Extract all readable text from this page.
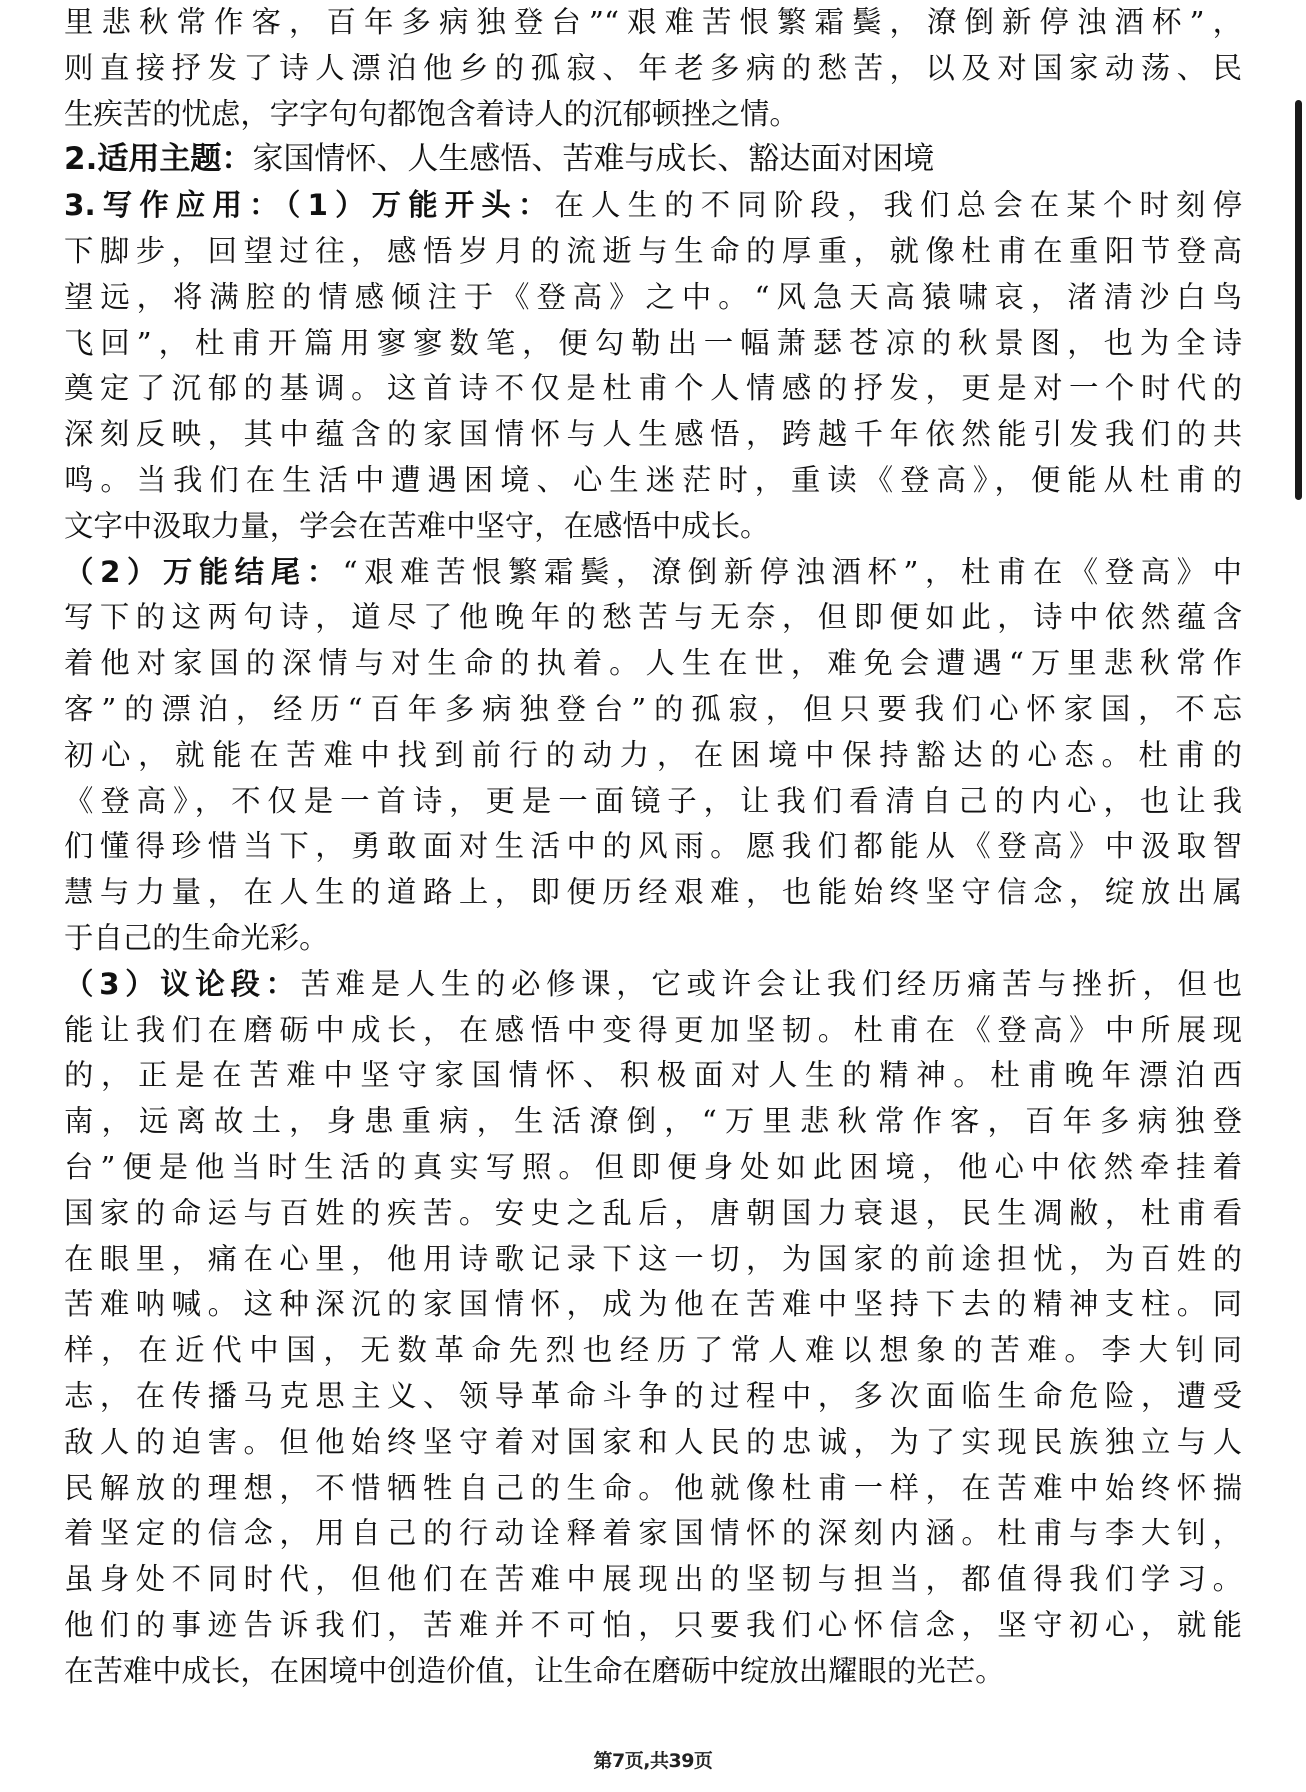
里悲秋常作客，百年多病独登台”“艰难苦恨繁霜鬓，潦倒新停浊酒杯”，
则直接抒发了诗人漂泊他乡的孤寂、年老多病的愁苦，以及对国家动荡、民
生疾苦的忧虑，字字句句都饱含着诗人的沉郁顿挫之情。
2.适用主题：家国情怀、人生感悟、苦难与成长、豁达面对困境
3.写作应用：（1）万能开头：在人生的不同阶段，我们总会在某个时刻停
下脚步，回望过往，感悟岁月的流逝与生命的厚重，就像杜甫在重阳节登高
望远，将满腔的情感倾注于《登高》之中。“风急天高猿啸哀，渚清沙白鸟
飞回”，杜甫开篇用寥寥数笔，便勾勒出一幅萧瑟苍凉的秋景图，也为全诗
奠定了沉郁的基调。这首诗不仅是杜甫个人情感的抒发，更是对一个时代的
深刻反映，其中蕴含的家国情怀与人生感悟，跨越千年依然能引发我们的共
鸣。当我们在生活中遭遇困境、心生迷茫时，重读《登高》，便能从杜甫的
文字中汲取力量，学会在苦难中坚守，在感悟中成长。
（2）万能结尾：“艰难苦恨繁霜鬓，潦倒新停浊酒杯”，杜甫在《登高》中
写下的这两句诗，道尽了他晚年的愁苦与无奈，但即便如此，诗中依然蕴含
着他对家国的深情与对生命的执着。人生在世，难免会遭遇“万里悲秋常作
客”的漂泊，经历“百年多病独登台”的孤寂，但只要我们心怀家国，不忘
初心，就能在苦难中找到前行的动力，在困境中保持豁达的心态。杜甫的
《登高》，不仅是一首诗，更是一面镜子，让我们看清自己的内心，也让我
们懂得珍惜当下，勇敢面对生活中的风雨。愿我们都能从《登高》中汲取智
慧与力量，在人生的道路上，即便历经艰难，也能始终坚守信念，绽放出属
于自己的生命光彩。
（3）议论段：苦难是人生的必修课，它或许会让我们经历痛苦与挫折，但也
能让我们在磨砺中成长，在感悟中变得更加坚韧。杜甫在《登高》中所展现
的，正是在苦难中坚守家国情怀、积极面对人生的精神。杜甫晚年漂泊西
南，远离故土，身患重病，生活潦倒，“万里悲秋常作客，百年多病独登
台”便是他当时生活的真实写照。但即便身处如此困境，他心中依然牵挂着
国家的命运与百姓的疾苦。安史之乱后，唐朝国力衰退，民生凋敝，杜甫看
在眼里，痛在心里，他用诗歌记录下这一切，为国家的前途担忧，为百姓的
苦难呐喊。这种深沉的家国情怀，成为他在苦难中坚持下去的精神支柱。同
样，在近代中国，无数革命先烈也经历了常人难以想象的苦难。李大钊同
志，在传播马克思主义、领导革命斗争的过程中，多次面临生命危险，遭受
敌人的迫害。但他始终坚守着对国家和人民的忠诚，为了实现民族独立与人
民解放的理想，不惜牺牲自己的生命。他就像杜甫一样，在苦难中始终怀揣
着坚定的信念，用自己的行动诠释着家国情怀的深刻内涵。杜甫与李大钊，
虽身处不同时代，但他们在苦难中展现出的坚韧与担当，都值得我们学习。
他们的事迹告诉我们，苦难并不可怕，只要我们心怀信念，坚守初心，就能
在苦难中成长，在困境中创造价值，让生命在磨砺中绽放出耀眼的光芒。
第7页,共39页
